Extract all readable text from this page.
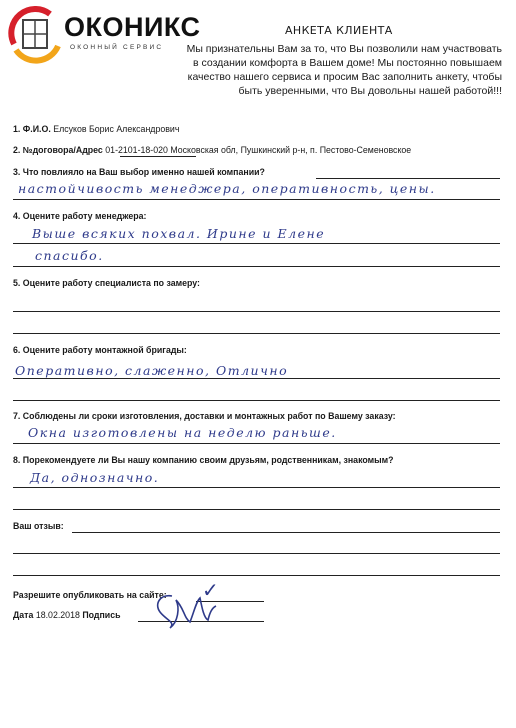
ОКОНИКС
ОКОННЫЙ СЕРВИС
АНКЕТА КЛИЕНТА
Мы признательны Вам за то, что Вы позволили нам участвовать в создании комфорта в Вашем доме! Мы постоянно повышаем качество нашего сервиса и просим Вас заполнить анкету, чтобы быть уверенными, что Вы довольны нашей работой!!!
1. Ф.И.О. Елсуков Борис Александрович
2. №договора/Адрес 01-2101-18-020 Московская обл, Пушкинский р-н, п. Пестово-Семеновское
3. Что повлияло на Ваш выбор именно нашей компании?
настойчивость менеджера, оперативность, цены.
4. Оцените работу менеджера:
Выше всяких похвал. Ирине и Елене
спасибо.
5. Оцените работу специалиста по замеру:
6. Оцените работу монтажной бригады:
Оперативно, слаженно, Отлично
7. Соблюдены ли сроки изготовления, доставки и монтажных работ по Вашему заказу:
Окна изготовлены на неделю раньше.
8. Порекомендуете ли Вы нашу компанию своим друзьям, родственникам, знакомым?
Да, однозначно.
Ваш отзыв:
Разрешите опубликовать на сайте: ✓
Дата 18.02.2018 Подпись
